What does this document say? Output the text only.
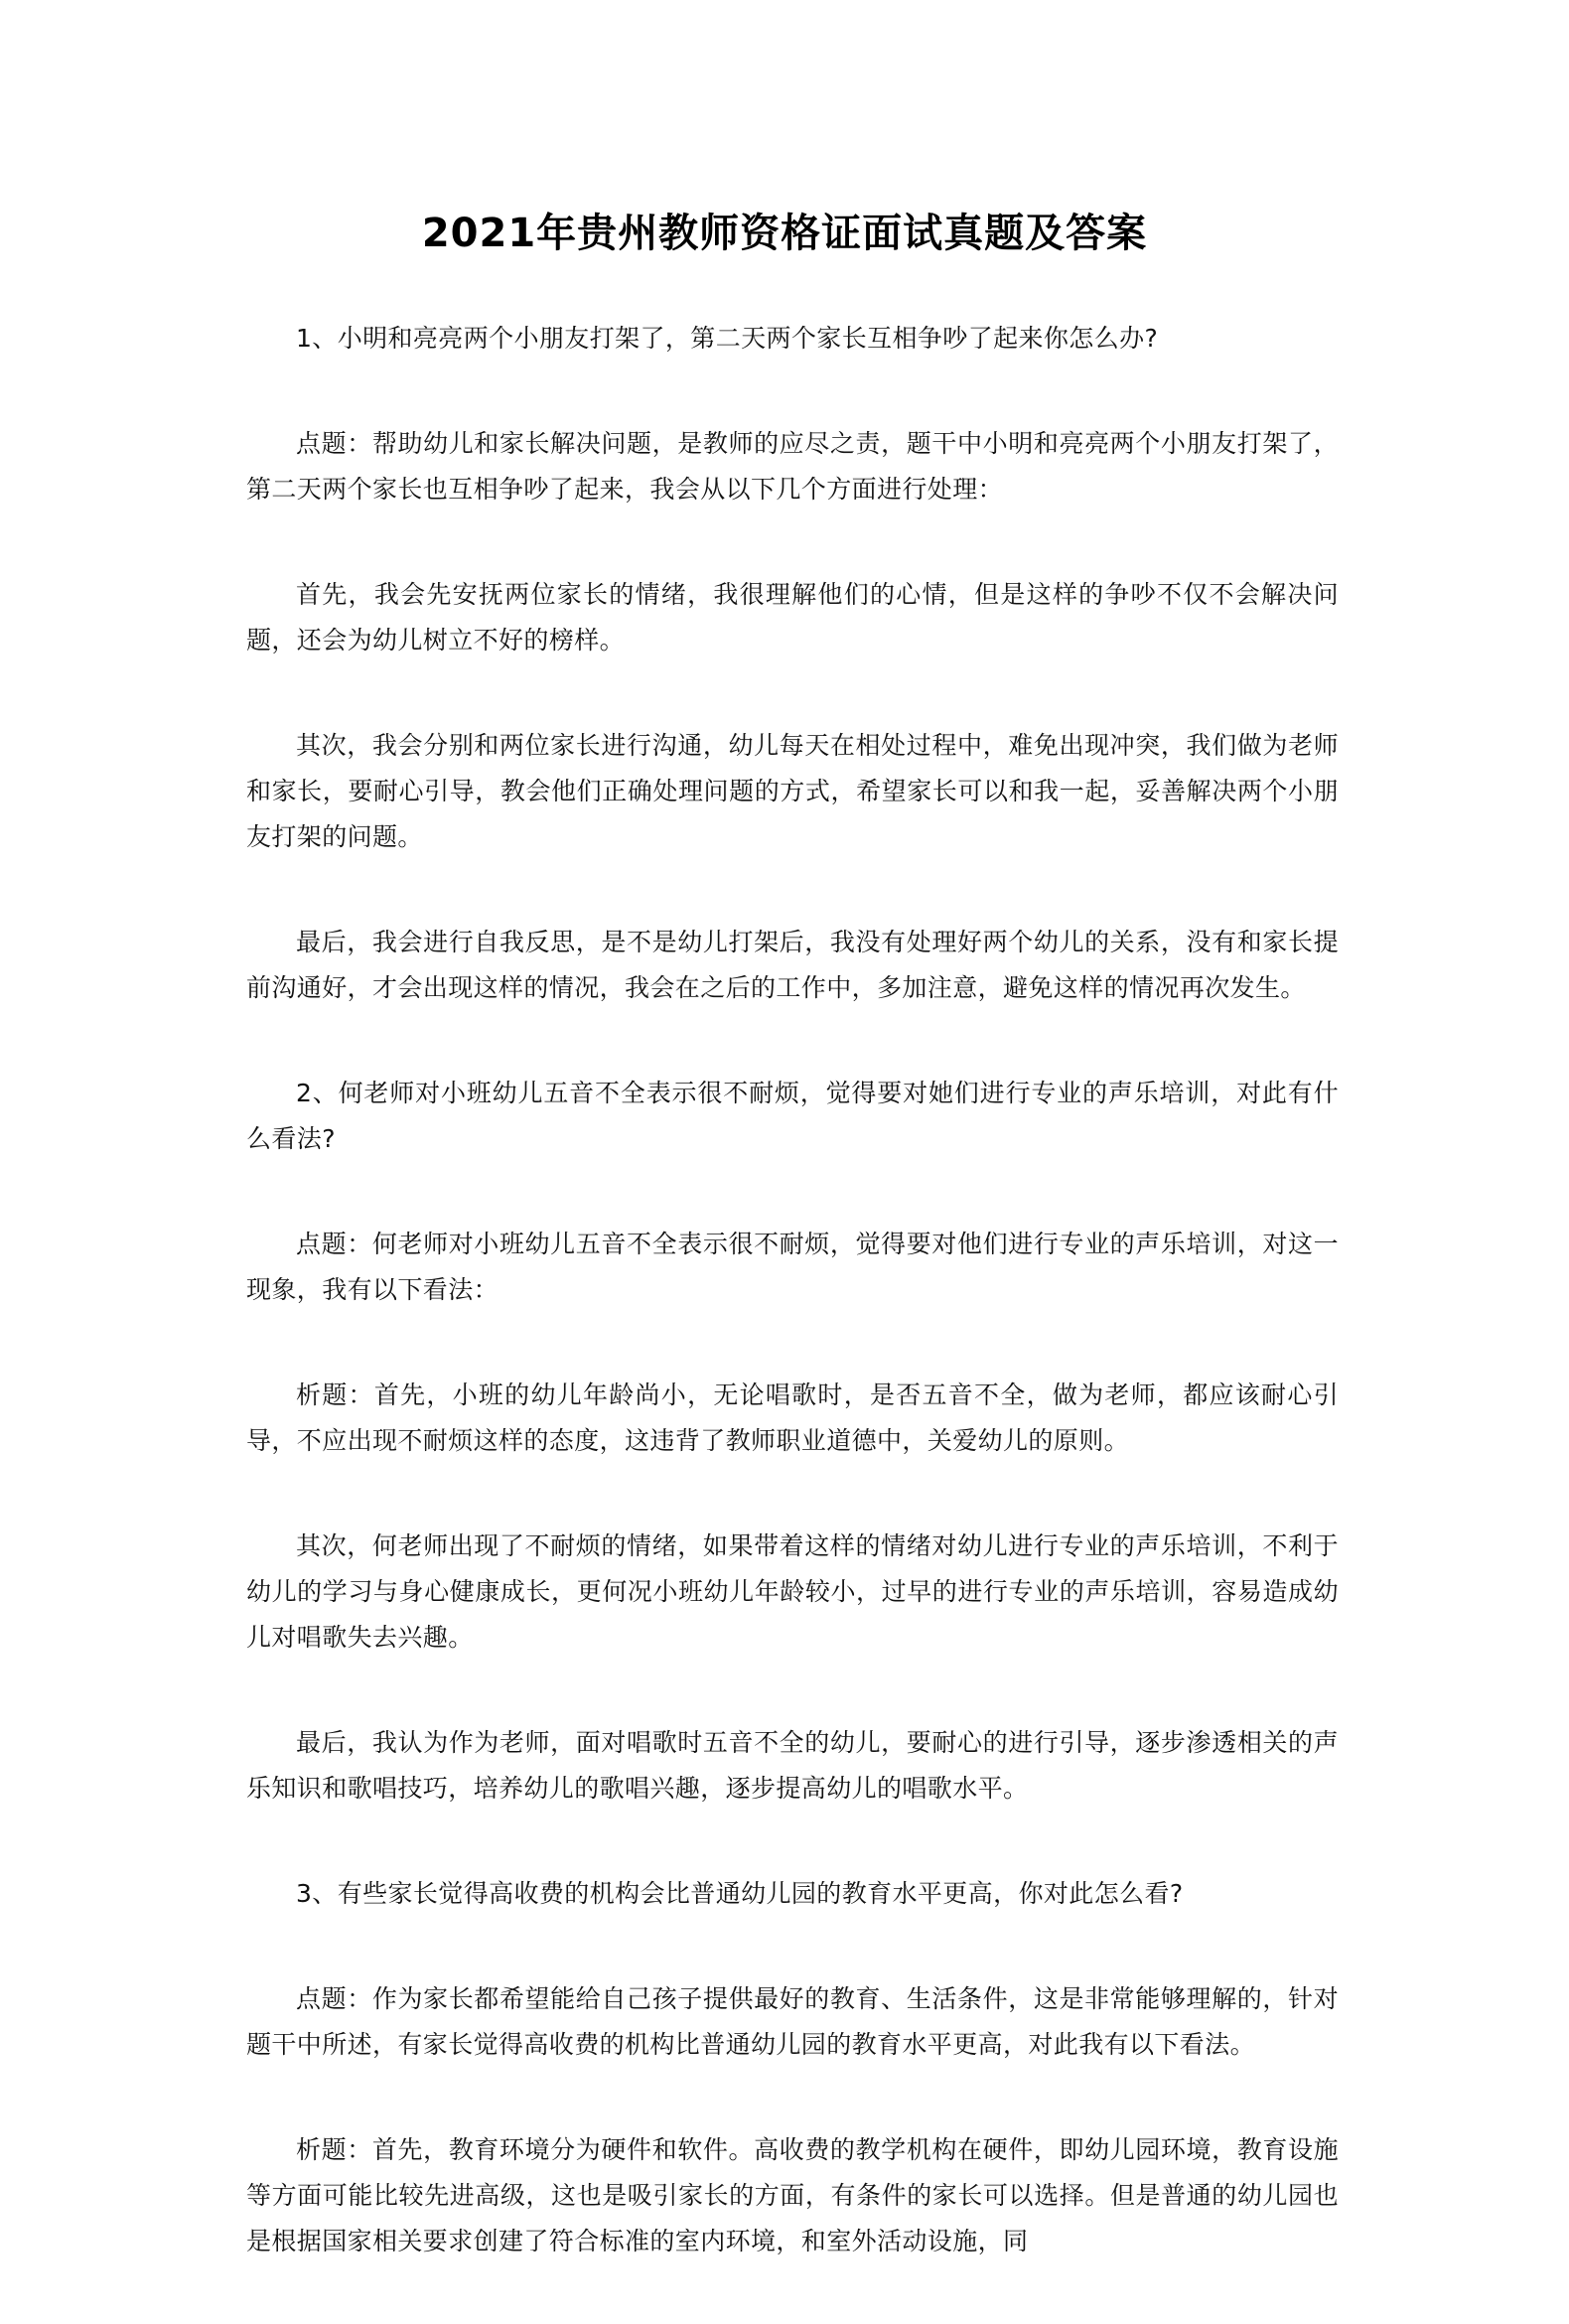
2021年贵州教师资格证面试真题及答案

1、小明和亮亮两个小朋友打架了，第二天两个家长互相争吵了起来你怎么办?

点题：帮助幼儿和家长解决问题，是教师的应尽之责，题干中小明和亮亮两个小朋友打架了，第二天两个家长也互相争吵了起来，我会从以下几个方面进行处理：

首先，我会先安抚两位家长的情绪，我很理解他们的心情，但是这样的争吵不仅不会解决问题，还会为幼儿树立不好的榜样。

其次，我会分别和两位家长进行沟通，幼儿每天在相处过程中，难免出现冲突，我们做为老师和家长，要耐心引导，教会他们正确处理问题的方式，希望家长可以和我一起，妥善解决两个小朋友打架的问题。

最后，我会进行自我反思，是不是幼儿打架后，我没有处理好两个幼儿的关系，没有和家长提前沟通好，才会出现这样的情况，我会在之后的工作中，多加注意，避免这样的情况再次发生。

2、何老师对小班幼儿五音不全表示很不耐烦，觉得要对她们进行专业的声乐培训，对此有什么看法?

点题：何老师对小班幼儿五音不全表示很不耐烦，觉得要对他们进行专业的声乐培训，对这一现象，我有以下看法：

析题：首先，小班的幼儿年龄尚小，无论唱歌时，是否五音不全，做为老师，都应该耐心引导，不应出现不耐烦这样的态度，这违背了教师职业道德中，关爱幼儿的原则。

其次，何老师出现了不耐烦的情绪，如果带着这样的情绪对幼儿进行专业的声乐培训，不利于幼儿的学习与身心健康成长，更何况小班幼儿年龄较小，过早的进行专业的声乐培训，容易造成幼儿对唱歌失去兴趣。

最后，我认为作为老师，面对唱歌时五音不全的幼儿，要耐心的进行引导，逐步渗透相关的声乐知识和歌唱技巧，培养幼儿的歌唱兴趣，逐步提高幼儿的唱歌水平。

3、有些家长觉得高收费的机构会比普通幼儿园的教育水平更高，你对此怎么看?

点题：作为家长都希望能给自己孩子提供最好的教育、生活条件，这是非常能够理解的，针对题干中所述，有家长觉得高收费的机构比普通幼儿园的教育水平更高，对此我有以下看法。

析题：首先，教育环境分为硬件和软件。高收费的教学机构在硬件，即幼儿园环境，教育设施等方面可能比较先进高级，这也是吸引家长的方面，有条件的家长可以选择。但是普通的幼儿园也是根据国家相关要求创建了符合标准的室内环境，和室外活动设施，同
